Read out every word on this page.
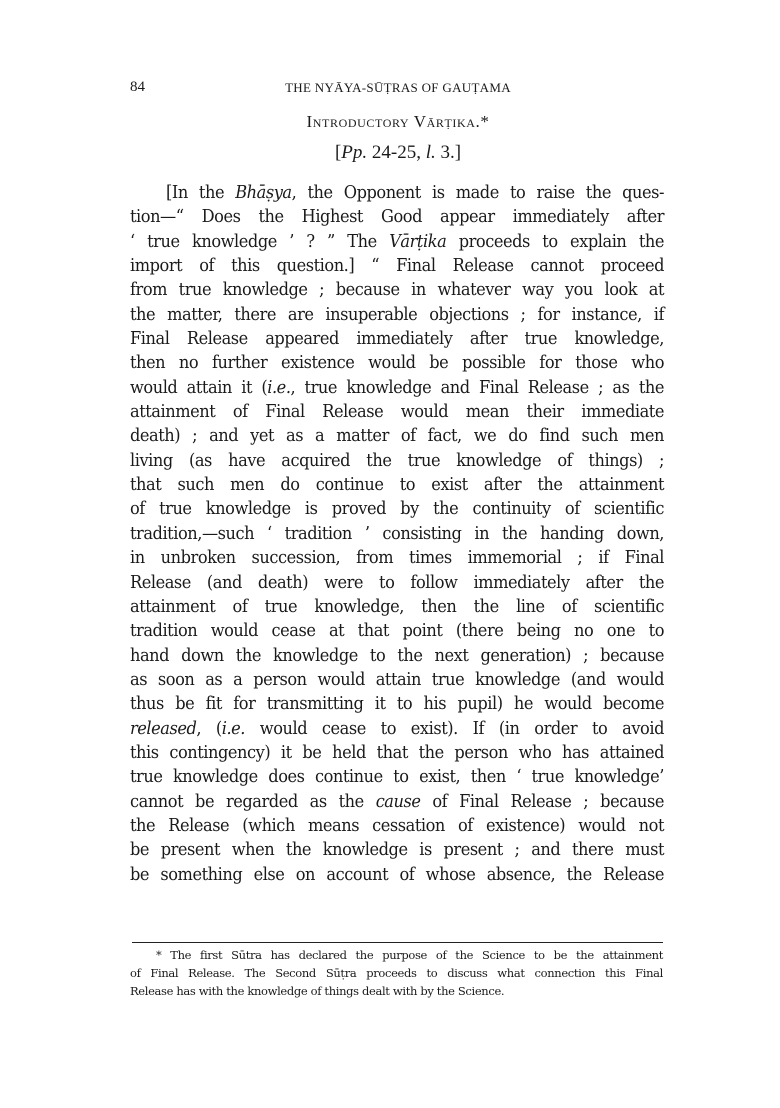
84	THE NYĀYA-SŪṬRAS OF GAUṬAMA
Introductory Vārṭika.*
[Pp. 24-25, l. 3.]
[In the Bhāṣya, the Opponent is made to raise the ques-
tion—“ Does the Highest Good appear immediately after
‘ true knowledge ’ ? ” The Vārṭika proceeds to explain the
import of this question.] “ Final Release cannot proceed
from true knowledge ; because in whatever way you look at
the matter, there are insuperable objections ; for instance, if
Final Release appeared immediately after true knowledge,
then no further existence would be possible for those who
would attain it (i.e., true knowledge and Final Release ; as the
attainment of Final Release would mean their immediate
death) ; and yet as a matter of fact, we do find such men
living (as have acquired the true knowledge of things) ;
that such men do continue to exist after the attainment
of true knowledge is proved by the continuity of scientific
tradition,—such ‘ tradition ’ consisting in the handing down,
in unbroken succession, from times immemorial ; if Final
Release (and death) were to follow immediately after the
attainment of true knowledge, then the line of scientific
tradition would cease at that point (there being no one to
hand down the knowledge to the next generation) ; because
as soon as a person would attain true knowledge (and would
thus be fit for transmitting it to his pupil) he would become
released, (i.e. would cease to exist). If (in order to avoid
this contingency) it be held that the person who has attained
true knowledge does continue to exist, then ‘ true knowledge’
cannot be regarded as the cause of Final Release ; because
the Release (which means cessation of existence) would not
be present when the knowledge is present ; and there must
be something else on account of whose absence, the Release
* The first Sūtra has declared the purpose of the Science to be the attainment
of Final Release. The Second Sūṭra proceeds to discuss what connection this Final
Release has with the knowledge of things dealt with by the Science.
